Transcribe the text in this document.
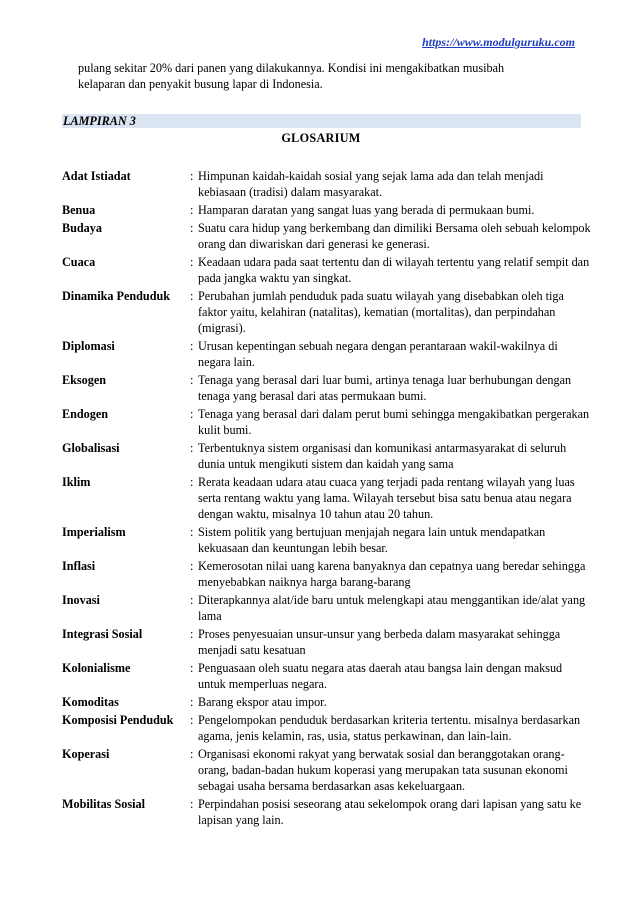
https://www.modulguruku.com
pulang sekitar 20% dari panen yang dilakukannya. Kondisi ini mengakibatkan musibah
kelaparan dan penyakit busung lapar di Indonesia.
LAMPIRAN 3
GLOSARIUM
Adat Istiadat	: Himpunan kaidah-kaidah sosial yang sejak lama ada dan telah menjadi kebiasaan (tradisi) dalam masyarakat.
Benua	: Hamparan daratan yang sangat luas yang berada di permukaan bumi.
Budaya	: Suatu cara hidup yang berkembang dan dimiliki Bersama oleh sebuah kelompok orang dan diwariskan dari generasi ke generasi.
Cuaca	: Keadaan udara pada saat tertentu dan di wilayah tertentu yang relatif sempit dan pada jangka waktu yan singkat.
Dinamika Penduduk	: Perubahan jumlah penduduk pada suatu wilayah yang disebabkan oleh tiga faktor yaitu, kelahiran (natalitas), kematian (mortalitas), dan perpindahan (migrasi).
Diplomasi	: Urusan kepentingan sebuah negara dengan perantaraan wakil-wakilnya di negara lain.
Eksogen	: Tenaga yang berasal dari luar bumi, artinya tenaga luar berhubungan dengan tenaga yang berasal dari atas permukaan bumi.
Endogen	: Tenaga yang berasal dari dalam perut bumi sehingga mengakibatkan pergerakan kulit bumi.
Globalisasi	: Terbentuknya sistem organisasi dan komunikasi antarmasyarakat di seluruh dunia untuk mengikuti sistem dan kaidah yang sama
Iklim	: Rerata keadaan udara atau cuaca yang terjadi pada rentang wilayah yang luas serta rentang waktu yang lama. Wilayah tersebut bisa satu benua atau negara dengan waktu, misalnya 10 tahun atau 20 tahun.
Imperialism	: Sistem politik yang bertujuan menjajah negara lain untuk mendapatkan kekuasaan dan keuntungan lebih besar.
Inflasi	: Kemerosotan nilai uang karena banyaknya dan cepatnya uang beredar sehingga menyebabkan naiknya harga barang-barang
Inovasi	: Diterapkannya alat/ide baru untuk melengkapi atau menggantikan ide/alat yang lama
Integrasi Sosial	: Proses penyesuaian unsur-unsur yang berbeda dalam masyarakat sehingga menjadi satu kesatuan
Kolonialisme	: Penguasaan oleh suatu negara atas daerah atau bangsa lain dengan maksud untuk memperluas negara.
Komoditas	: Barang ekspor atau impor.
Komposisi Penduduk	: Pengelompokan penduduk berdasarkan kriteria tertentu. misalnya berdasarkan agama, jenis kelamin, ras, usia, status perkawinan, dan lain-lain.
Koperasi	: Organisasi ekonomi rakyat yang berwatak sosial dan beranggotakan orang-orang, badan-badan hukum koperasi yang merupakan tata susunan ekonomi sebagai usaha bersama berdasarkan asas kekeluargaan.
Mobilitas Sosial	: Perpindahan posisi seseorang atau sekelompok orang dari lapisan yang satu ke lapisan yang lain.
